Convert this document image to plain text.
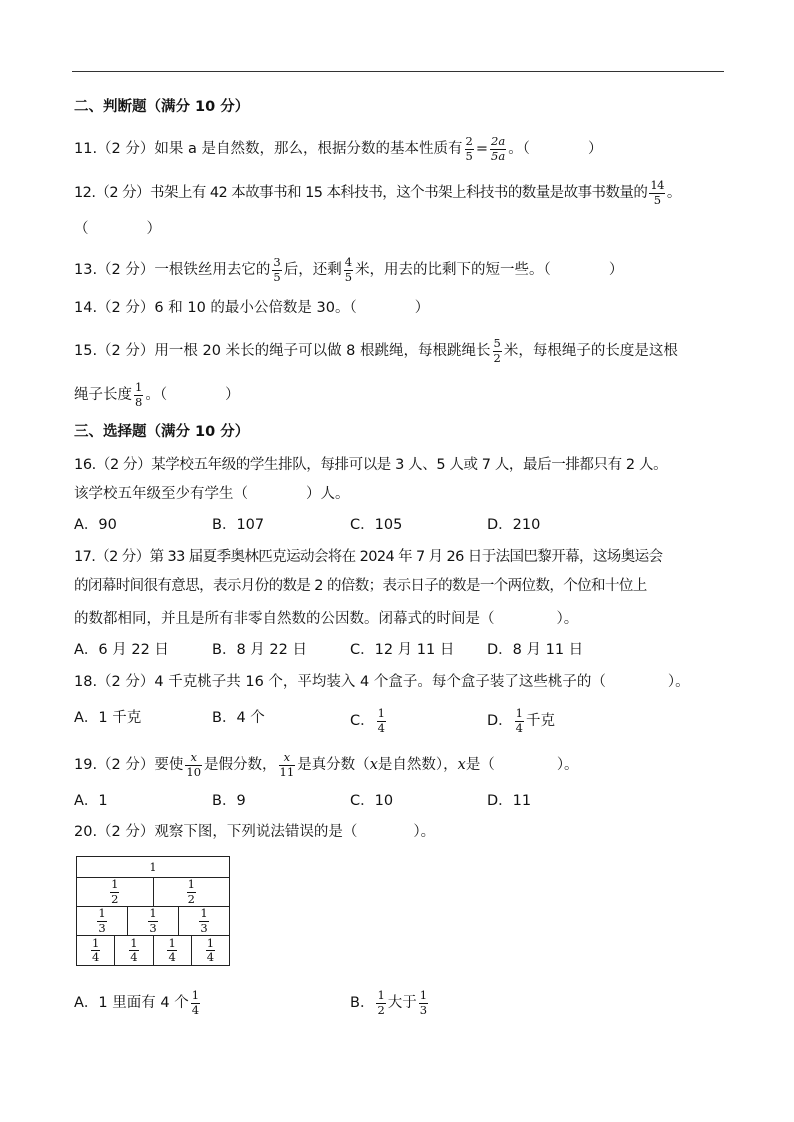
二、判断题（满分 10 分）
11.（2 分）如果 a 是自然数，那么，根据分数的基本性质有 $\frac{2}{5} = \frac{2a}{5a}$ 。（	）
12.（2 分）书架上有 42 本故事书和 15 本科技书，这个书架上科技书的数量是故事书数量的 $\frac{14}{5}$ 。
（	）
13.（2 分）一根铁丝用去它的 $\frac{3}{5}$ 后，还剩 $\frac{4}{5}$ 米，用去的比剩下的短一些。（	）
14.（2 分）6 和 10 的最小公倍数是 30。（	）
15.（2 分）用一根 20 米长的绳子可以做 8 根跳绳，每根跳绳长 $\frac{5}{2}$ 米，每根绳子的长度是这根
绳子长度 $\frac{1}{8}$ 。（	）
三、选择题（满分 10 分）
16.（2 分）某学校五年级的学生排队，每排可以是 3 人、5 人或 7 人，最后一排都只有 2 人。
该学校五年级至少有学生（	）人。
A．90	B．107	C．105	D．210
17.（2 分）第 33 届夏季奥林匹克运动会将在 2024 年 7 月 26 日于法国巴黎开幕，这场奥运会
的闭幕时间很有意思，表示月份的数是 2 的倍数；表示日子的数是一个两位数，个位和十位上
的数都相同，并且是所有非零自然数的公因数。闭幕式的时间是（	）。
A．6 月 22 日	B．8 月 22 日	C．12 月 11 日 D．8 月 11 日
18.（2 分）4 千克桃子共 16 个，平均装入 4 个盒子。每个盒子装了这些桃子的（	）。
A．1 千克	B．4 个	C． $\frac{1}{4}$	D． $\frac{1}{4}$ 千克
19.（2 分）要使 $\frac{x}{10}$ 是假分数， $\frac{x}{11}$ 是真分数（x是自然数），x是（	）。
A．1	B．9	C．10	D．11
20.（2 分）观察下图，下列说法错误的是（	）。
1
$\frac{1}{2}$	$\frac{1}{2}$
$\frac{1}{3}$	$\frac{1}{3}$	$\frac{1}{3}$
$\frac{1}{4}$	$\frac{1}{4}$	$\frac{1}{4}$	$\frac{1}{4}$
A．1 里面有 4 个 $\frac{1}{4}$	B． $\frac{1}{2}$ 大于 $\frac{1}{3}$
